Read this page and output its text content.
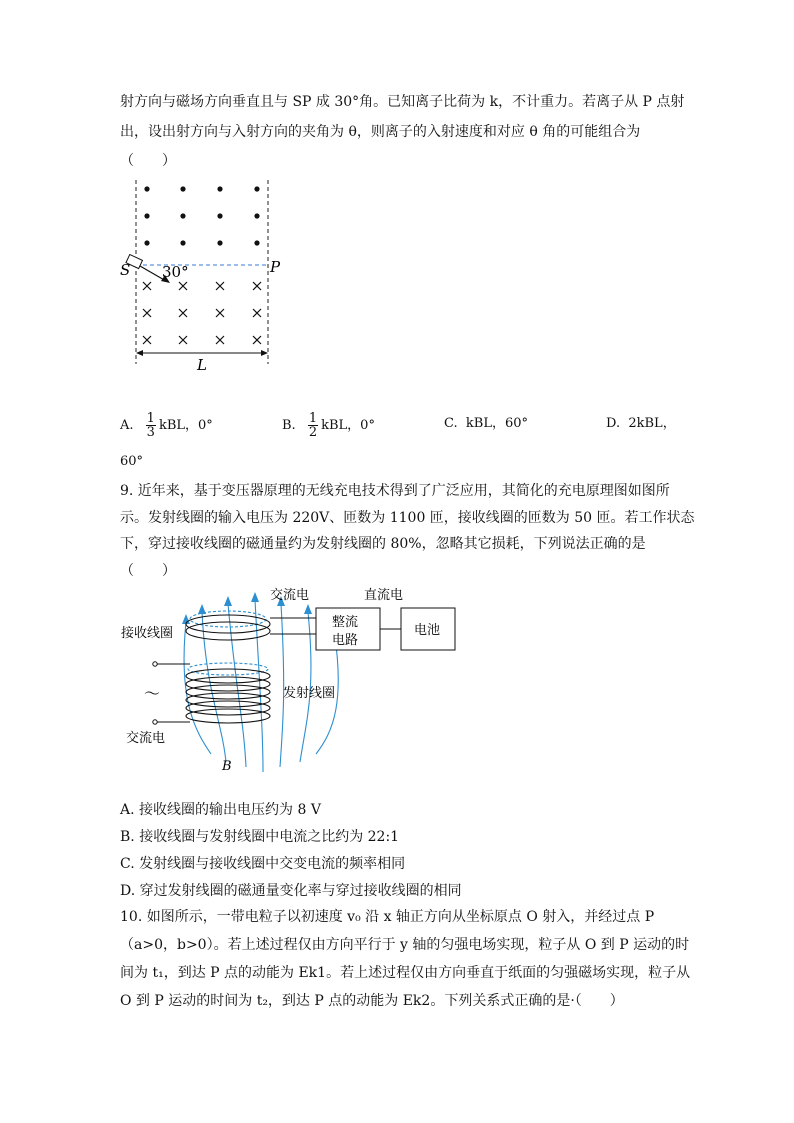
射方向与磁场方向垂直且与 SP 成 30°角。已知离子比荷为 k，不计重力。若离子从 P 点射
出，设出射方向与入射方向的夹角为 θ，则离子的入射速度和对应 θ 角的可能组合为
（　　）
S	P
30°
L
A. $\frac{1}{3}$ kBL，0°	B. $\frac{1}{2}$ kBL，0°	C. kBL，60°	D. 2kBL，
60°
9. 近年来，基于变压器原理的无线充电技术得到了广泛应用，其简化的充电原理图如图所
示。发射线圈的输入电压为 220V、匝数为 1100 匝，接收线圈的匝数为 50 匝。若工作状态
下，穿过接收线圈的磁通量约为发射线圈的 80%，忽略其它损耗，下列说法正确的是
（　　）
交流电	直流电
接收线圈
整流
电路
电池
～	发射线圈
交流电
B
A. 接收线圈的输出电压约为 8 V
B. 接收线圈与发射线圈中电流之比约为 22:1
C. 发射线圈与接收线圈中交变电流的频率相同
D. 穿过发射线圈的磁通量变化率与穿过接收线圈的相同
10. 如图所示，一带电粒子以初速度 v₀ 沿 x 轴正方向从坐标原点 O 射入，并经过点 P
（a>0，b>0）。若上述过程仅由方向平行于 y 轴的匀强电场实现，粒子从 O 到 P 运动的时
间为 t₁，到达 P 点的动能为 Ek1。若上述过程仅由方向垂直于纸面的匀强磁场实现，粒子从
O 到 P 运动的时间为 t₂，到达 P 点的动能为 Ek2。下列关系式正确的是·（　　）
